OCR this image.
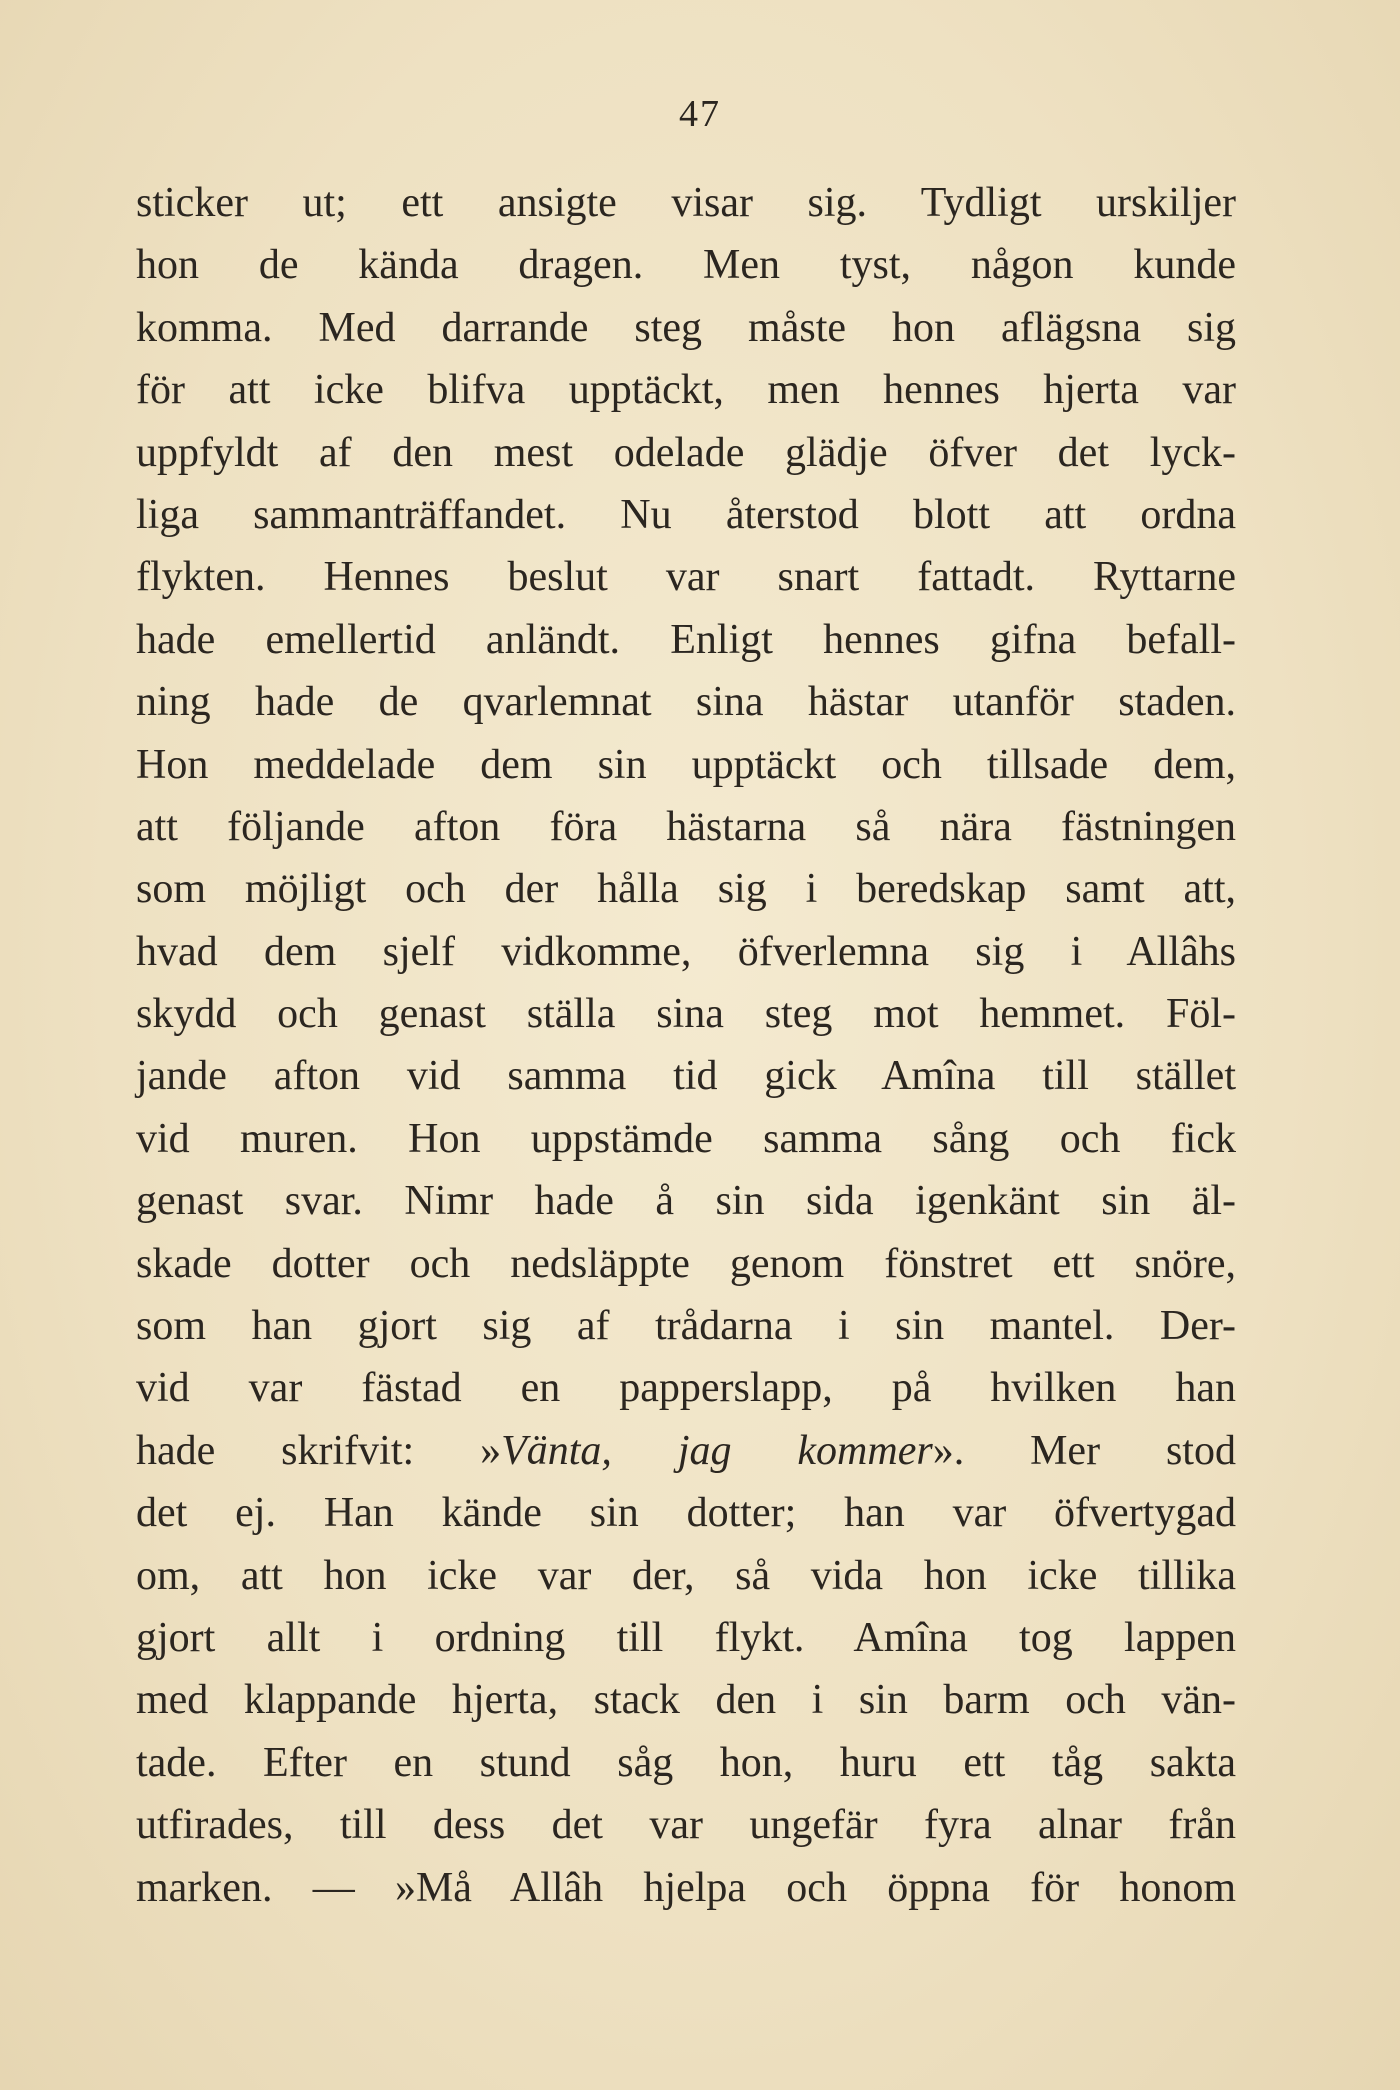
47
sticker ut; ett ansigte visar sig. Tydligt urskiljer
hon de kända dragen. Men tyst, någon kunde
komma. Med darrande steg måste hon aflägsna sig
för att icke blifva upptäckt, men hennes hjerta var
uppfyldt af den mest odelade glädje öfver det lyck-
liga sammanträffandet. Nu återstod blott att ordna
flykten. Hennes beslut var snart fattadt. Ryttarne
hade emellertid anländt. Enligt hennes gifna befall-
ning hade de qvarlemnat sina hästar utanför staden.
Hon meddelade dem sin upptäckt och tillsade dem,
att följande afton föra hästarna så nära fästningen
som möjligt och der hålla sig i beredskap samt att,
hvad dem sjelf vidkomme, öfverlemna sig i Allâhs
skydd och genast ställa sina steg mot hemmet. Föl-
jande afton vid samma tid gick Amîna till stället
vid muren. Hon uppstämde samma sång och fick
genast svar. Nimr hade å sin sida igenkänt sin äl-
skade dotter och nedsläppte genom fönstret ett snöre,
som han gjort sig af trådarna i sin mantel. Der-
vid var fästad en papperslapp, på hvilken han
hade skrifvit: »Vänta, jag kommer». Mer stod
det ej. Han kände sin dotter; han var öfvertygad
om, att hon icke var der, så vida hon icke tillika
gjort allt i ordning till flykt. Amîna tog lappen
med klappande hjerta, stack den i sin barm och vän-
tade. Efter en stund såg hon, huru ett tåg sakta
utfirades, till dess det var ungefär fyra alnar från
marken. — »Må Allâh hjelpa och öppna för honom
